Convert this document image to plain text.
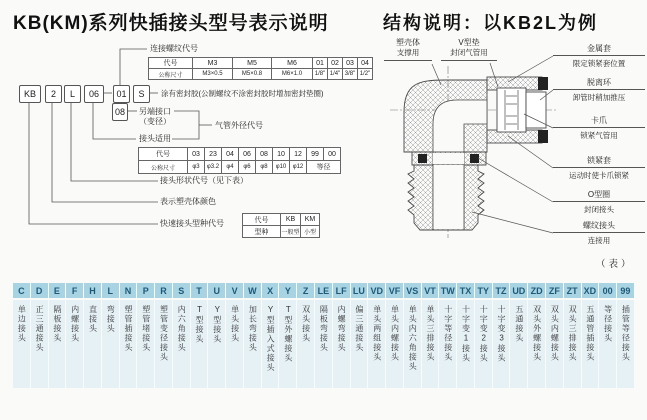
KB(KM)系列快插接头型号表示说明	结构说明：以KB2L为例
KB	2	L	06	01	S
08
连接螺纹代号
涂有密封胶(公制螺纹不涂密封胶时增加密封垫圈)
另端接口
（变径）	气管外径代号
接头适用
接头形状代号（见下表）
表示塑壳体颜色
快速接头型种代号
代号	M3	M5	M6	01	02	03	04
公称尺寸	M3×0.5	M5×0.8	M6×1.0	1/8" 1/4" 3/8" 1/2"
代号	03	23	04	06	08	10	12	99	00
公称尺寸	φ3	φ3.2	φ4	φ6	φ8	φ10	φ12	等径
代号	KB	KM
型种	一般型 小型
塑壳体
支撑用
V型垫
封闭气管用	金属套
限定锁紧套位置
脱离环
卸管时稍加推压
卡爪
锁紧气管用
锁紧套
运动时使卡爪锁紧
O型圈
封闭接头
螺纹接头
连接用
（表）
C
单边接头
D
正三通接头
E
隔板接头
F
内螺接头
H
直接头
L
弯接头
N
塑管插接头
P
塑管堵接头
R
塑管变径接头
S
内六角接头
T
T型接头
U
Y型接头
V
单头接头
W
加长弯接头
X
Y型插入式接头
Y
T型外螺接头
Z
双头接头
LE
隔板弯接头
LF
内螺弯接头
LU
偏三通接头
VD
单头两组接头
VF
单头内螺接头
VS
单头内六角接头
VT
单头三排接头
TW
十字等径接头
TX
十字变1接头
TY
十字变2接头
TZ
十字变3接头
UD
五通接头
ZD
双头外螺接头
ZF
双头内螺接头
ZT
双头三排接头
XD
五通管插接头
00
等径接头
99
插管等径接头
